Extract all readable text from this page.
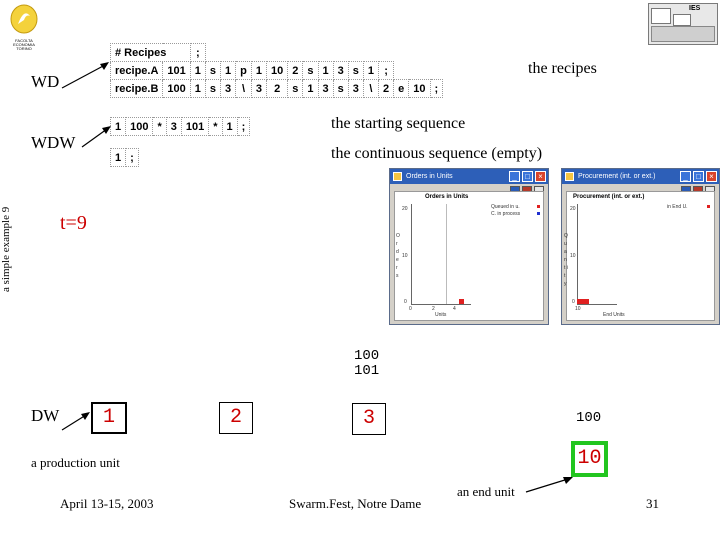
FACOLTA
ECONOMIA
TORINO
IES
a simple example 9
WD
WDW
# Recipes		;															
recipe.A	101	1	s	1	p	1	10	2	s	1	3	s	1	;			
recipe.B	100	1	s	3	\	3	2	s	1	3	s	3	\	2	e	10	;
the recipes
1	100	*	3	101	*	1	;	the starting sequence
1	;	the continuous sequence (empty)
t=9
Orders in Units	_	□	×
Orders in Units
Queued in u.
C. in process
20
10
0
O r d e r s
0	2	4
Units
Procurement (int. or ext.)	_	□	×
Procurement (int. or ext.)
in End U.
20
10
0
Q u a n t i t y
10
End Units
100
101
DW	1	2	3	100
a production unit	10
an end unit
April 13-15, 2003	Swarm.Fest, Notre Dame	31
